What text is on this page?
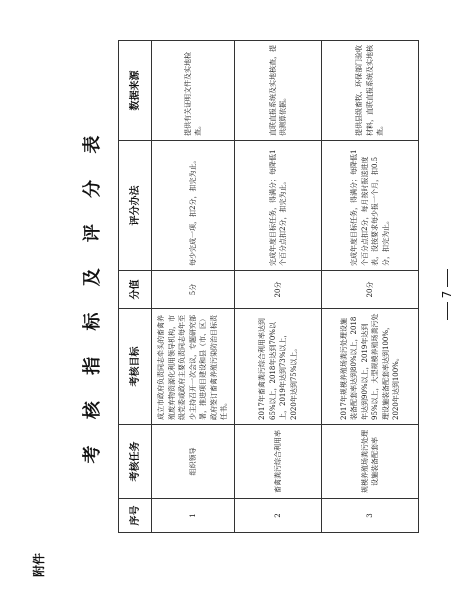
附件
考 核 指 标 及 评 分 表
序号	考核任务	考核目标	分值	评分办法	数据来源
1	组织领导	成立市政府负责同志牵头的畜禽养殖废弃物资源化利用领导机构，市级党委或政府主要负责同志每年至少主持召开一次会议，专题研究部署，推进项目建设和县（市、区）政府签订畜禽养殖污染防治目标责任书。	5分	每少完成一项，扣2分，扣完为止。	提供有关证明文件及实地检查。
2	畜禽粪污综合利用率	2017年畜禽粪污综合利用率达到65%以上，2018年达到70%以上，2019年达到73%以上，2020年达到75%以上。	20分	完成年度目标任务，得满分；每降低1个百分点扣2分，扣完为止。	直联直报系统及实地核查，提供测算依据。
3	规模养殖场粪污处理设施装备配套率	2017年规模养殖场粪污处理设施装备配套率达到80%以上，2018年达到90%以上，2019年达到95%以上，大型规模养殖场粪污处理设施装备配套率达到100%，2020年达到100%。	20分	完成年度目标任务，得满分；每降低1个百分点扣2分，每月按时报送进度表，没按要求每少报一个月，扣0.5分，扣完为止。	提供县级畜牧、环保部门验收材料，直联直报系统及实地核查。
7
